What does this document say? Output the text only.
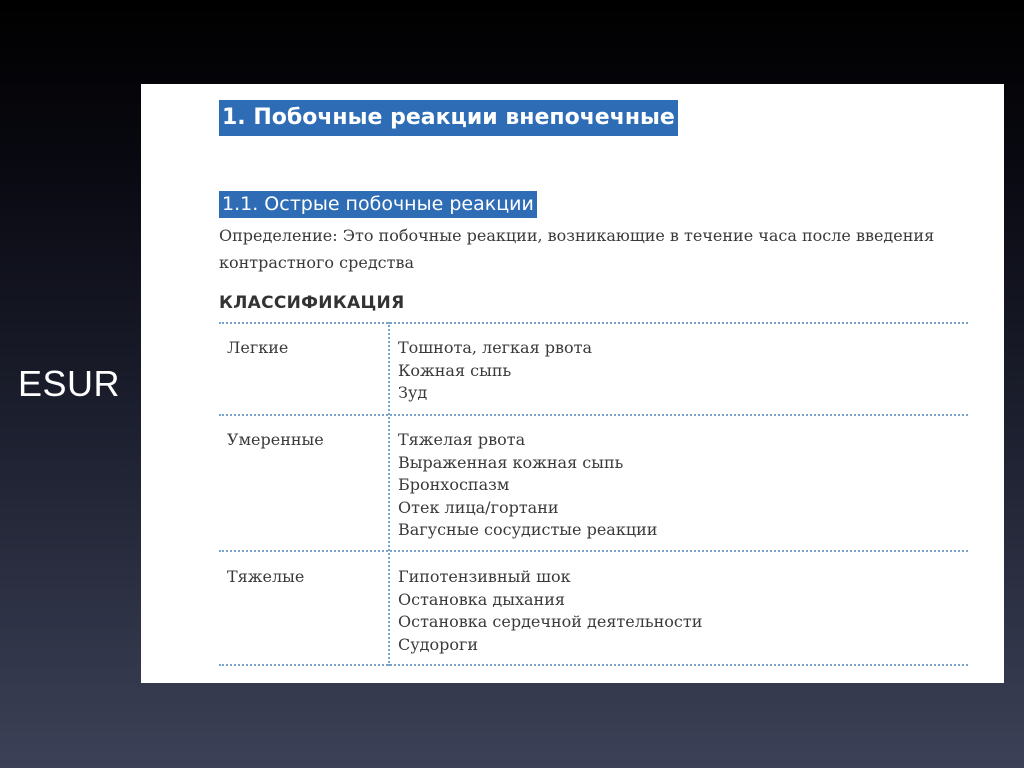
ESUR
1. Побочные реакции внепочечные
1.1. Острые побочные реакции
Определение: Это побочные реакции, возникающие в течение часа после введения контрастного средства
КЛАССИФИКАЦИЯ
Легкие	Тошнота, легкая рвота
Кожная сыпь
Зуд
Умеренные	Тяжелая рвота
Выраженная кожная сыпь
Бронхоспазм
Отек лица/гортани
Вагусные сосудистые реакции
Тяжелые	Гипотензивный шок
Остановка дыхания
Остановка сердечной деятельности
Судороги
